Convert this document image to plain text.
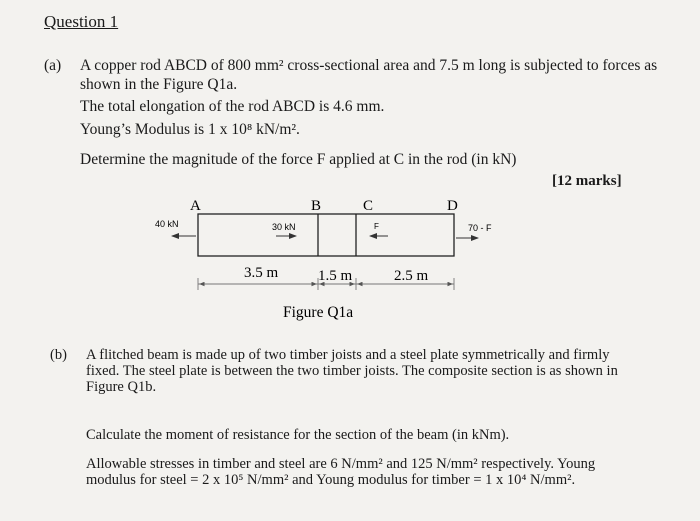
Question 1
(a) A copper rod ABCD of 800 mm² cross-sectional area and 7.5 m long is subjected to forces as shown in the Figure Q1a.
The total elongation of the rod ABCD is 4.6 mm.
Young’s Modulus is 1 x 10⁸ kN/m².
Determine the magnitude of the force F applied at C in the rod (in kN)
[12 marks]
A	B	C	D
40 kN	30 kN	F	70 - F
3.5 m	1.5 m	2.5 m
Figure Q1a
(b) A flitched beam is made up of two timber joists and a steel plate symmetrically and firmly fixed. The steel plate is between the two timber joists. The composite section is as shown in Figure Q1b.
Calculate the moment of resistance for the section of the beam (in kNm).
Allowable stresses in timber and steel are 6 N/mm² and 125 N/mm² respectively. Young modulus for steel = 2 x 10⁵ N/mm² and Young modulus for timber = 1 x 10⁴ N/mm².
